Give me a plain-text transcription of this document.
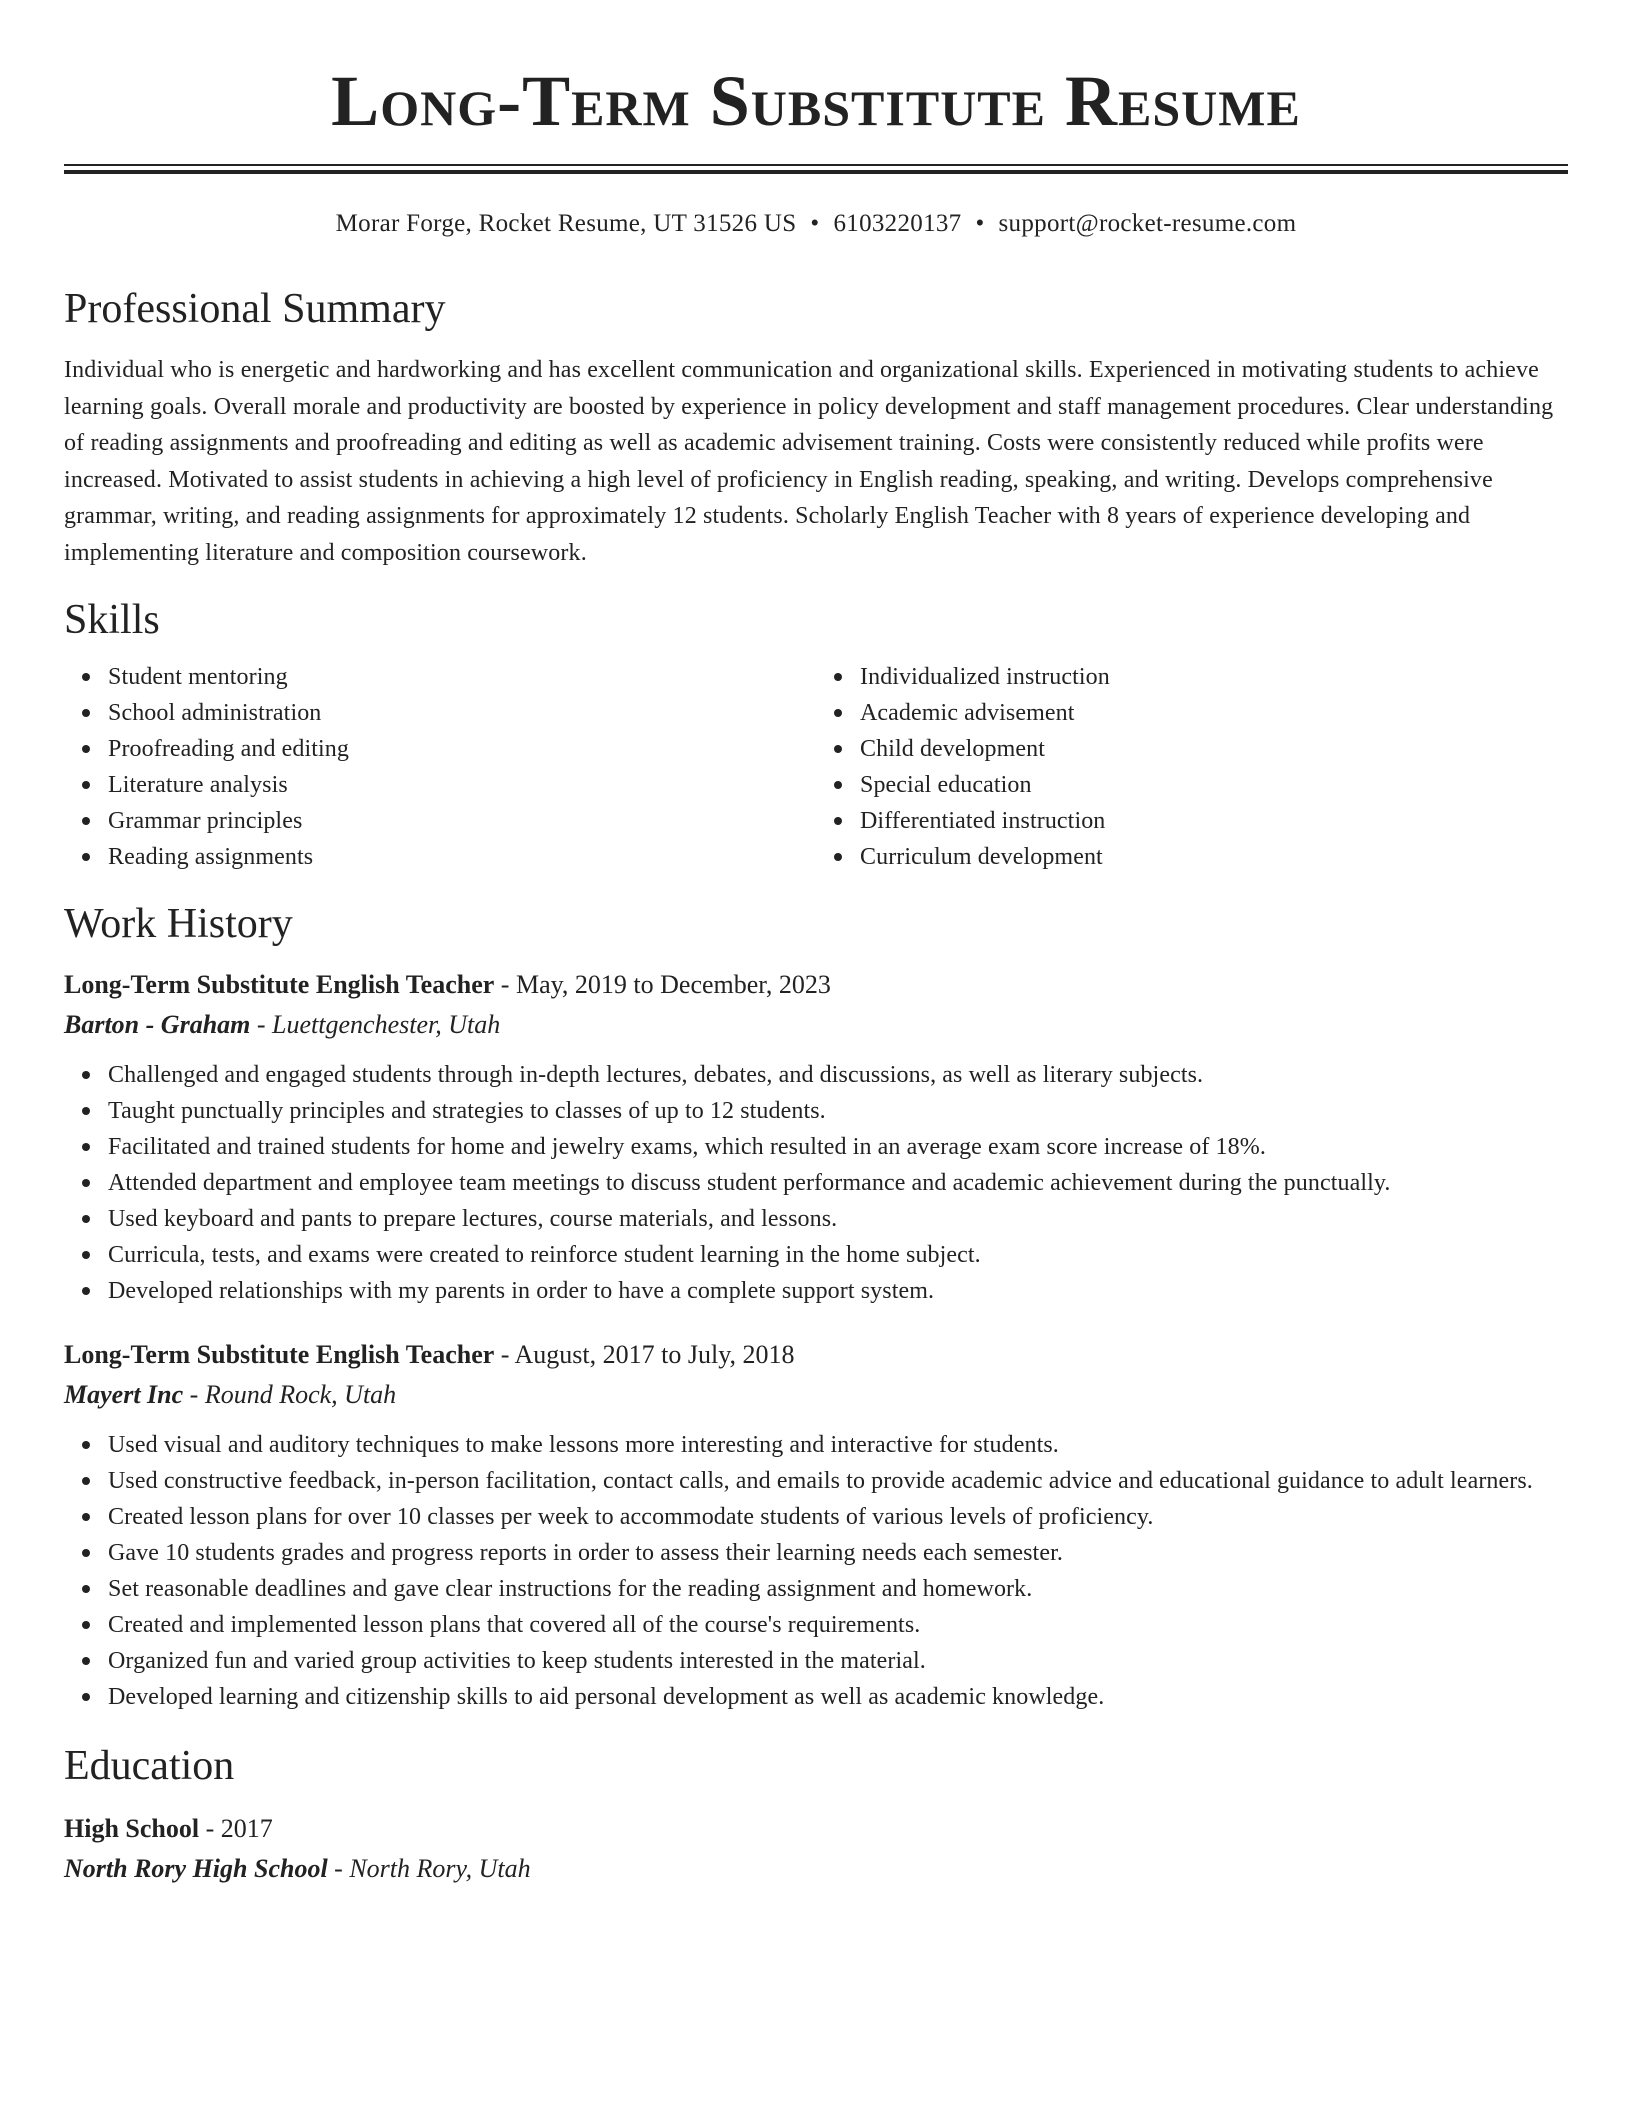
Long-Term Substitute Resume
Morar Forge, Rocket Resume, UT 31526 US • 6103220137 • support@rocket-resume.com
Professional Summary

Individual who is energetic and hardworking and has excellent communication and organizational skills. Experienced in motivating students to achieve learning goals. Overall morale and productivity are boosted by experience in policy development and staff management procedures. Clear understanding of reading assignments and proofreading and editing as well as academic advisement training. Costs were consistently reduced while profits were increased. Motivated to assist students in achieving a high level of proficiency in English reading, speaking, and writing. Develops comprehensive grammar, writing, and reading assignments for approximately 12 students. Scholarly English Teacher with 8 years of experience developing and implementing literature and composition coursework.

Skills
Student mentoring
School administration
Proofreading and editing
Literature analysis
Grammar principles
Reading assignments
Individualized instruction
Academic advisement
Child development
Special education
Differentiated instruction
Curriculum development
Work History
Long-Term Substitute English Teacher - May, 2019 to December, 2023
Barton - Graham - Luettgenchester, Utah
Challenged and engaged students through in-depth lectures, debates, and discussions, as well as literary subjects.
Taught punctually principles and strategies to classes of up to 12 students.
Facilitated and trained students for home and jewelry exams, which resulted in an average exam score increase of 18%.
Attended department and employee team meetings to discuss student performance and academic achievement during the punctually.
Used keyboard and pants to prepare lectures, course materials, and lessons.
Curricula, tests, and exams were created to reinforce student learning in the home subject.
Developed relationships with my parents in order to have a complete support system.
Long-Term Substitute English Teacher - August, 2017 to July, 2018
Mayert Inc - Round Rock, Utah
Used visual and auditory techniques to make lessons more interesting and interactive for students.
Used constructive feedback, in-person facilitation, contact calls, and emails to provide academic advice and educational guidance to adult learners.
Created lesson plans for over 10 classes per week to accommodate students of various levels of proficiency.
Gave 10 students grades and progress reports in order to assess their learning needs each semester.
Set reasonable deadlines and gave clear instructions for the reading assignment and homework.
Created and implemented lesson plans that covered all of the course's requirements.
Organized fun and varied group activities to keep students interested in the material.
Developed learning and citizenship skills to aid personal development as well as academic knowledge.
Education
High School - 2017
North Rory High School - North Rory, Utah
